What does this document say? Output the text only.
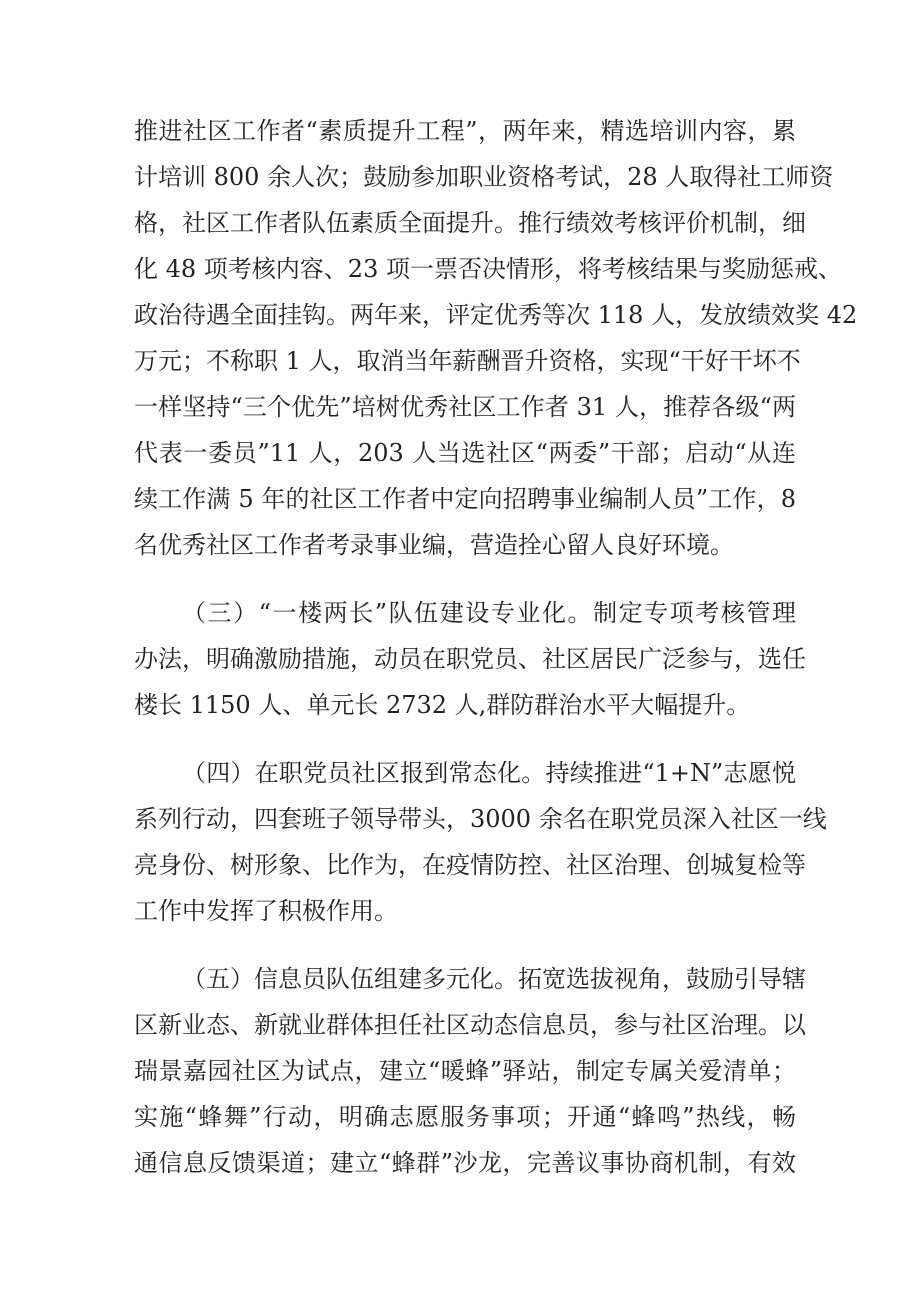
推进社区工作者“素质提升工程”，两年来，精选培训内容，累
计培训 800 余人次；鼓励参加职业资格考试，28 人取得社工师资
格，社区工作者队伍素质全面提升。推行绩效考核评价机制，细
化 48 项考核内容、23 项一票否决情形，将考核结果与奖励惩戒、
政治待遇全面挂钩。两年来，评定优秀等次 118 人，发放绩效奖 42
万元；不称职 1 人，取消当年薪酬晋升资格，实现“干好干坏不
一样坚持“三个优先”培树优秀社区工作者 31 人，推荐各级“两
代表一委员”11 人，203 人当选社区“两委”干部；启动“从连
续工作满 5 年的社区工作者中定向招聘事业编制人员”工作，8
名优秀社区工作者考录事业编，营造拴心留人良好环境。
（三）“一楼两长”队伍建设专业化。制定专项考核管理
办法，明确激励措施，动员在职党员、社区居民广泛参与，选任
楼长 1150 人、单元长 2732 人,群防群治水平大幅提升。
（四）在职党员社区报到常态化。持续推进“1+N”志愿悦
系列行动，四套班子领导带头，3000 余名在职党员深入社区一线
亮身份、树形象、比作为，在疫情防控、社区治理、创城复检等
工作中发挥了积极作用。
（五）信息员队伍组建多元化。拓宽选拔视角，鼓励引导辖
区新业态、新就业群体担任社区动态信息员，参与社区治理。以
瑞景嘉园社区为试点，建立“暖蜂”驿站，制定专属关爱清单；
实施“蜂舞”行动，明确志愿服务事项；开通“蜂鸣”热线，畅
通信息反馈渠道；建立“蜂群”沙龙，完善议事协商机制，有效
